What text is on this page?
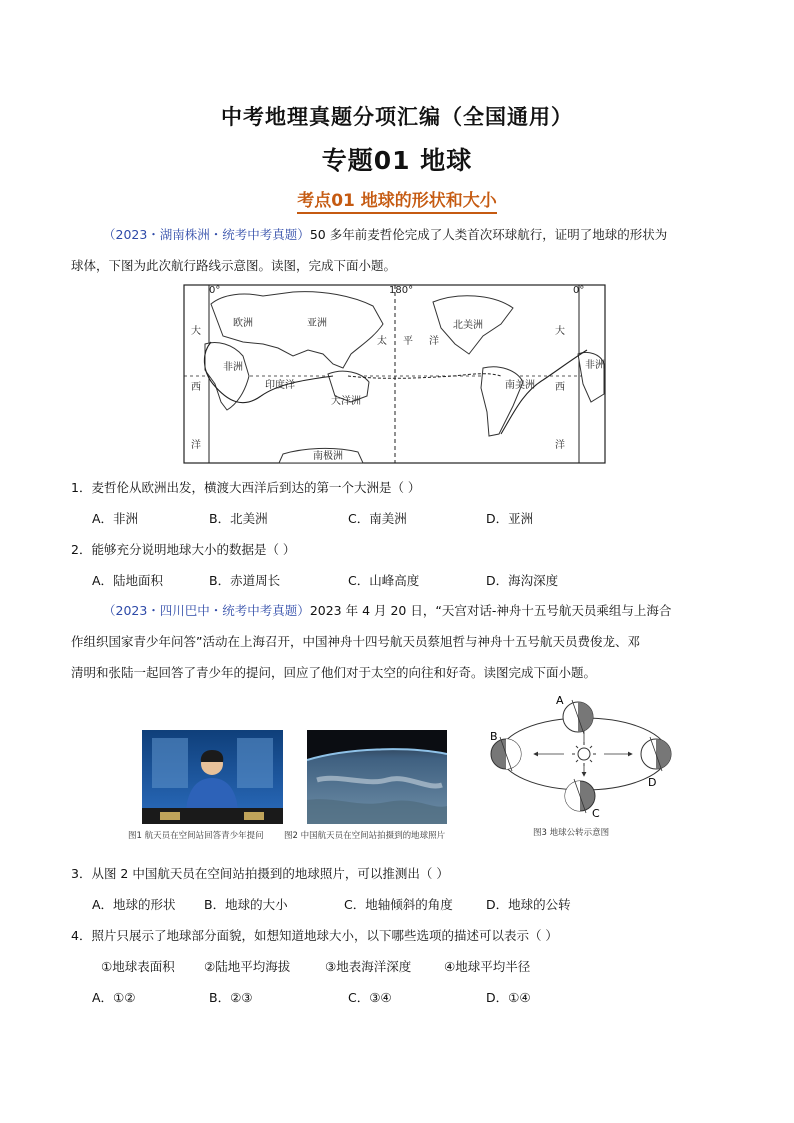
中考地理真题分项汇编（全国通用）
专题01 地球
考点01 地球的形状和大小
（2023・湖南株洲・统考中考真题）50 多年前麦哲伦完成了人类首次环球航行，证明了地球的形状为
球体，下图为此次航行路线示意图。读图，完成下面小题。
0°	180°	0°
欧洲	亚洲
非洲
印度洋
大洋洲
南极洲
太 平 洋
北美洲
南美洲
大
西
洋
大
西
洋
非洲
1．麦哲伦从欧洲出发，横渡大西洋后到达的第一个大洲是（ ）
A．非洲	B．北美洲	C．南美洲	D．亚洲
2．能够充分说明地球大小的数据是（ ）
A．陆地面积	B．赤道周长	C．山峰高度	D．海沟深度
（2023・四川巴中・统考中考真题）2023 年 4 月 20 日，“天宫对话-神舟十五号航天员乘组与上海合
作组织国家青少年问答”活动在上海召开，中国神舟十四号航天员蔡旭哲与神舟十五号航天员费俊龙、邓
清明和张陆一起回答了青少年的提问，回应了他们对于太空的向往和好奇。读图完成下面小题。
图1 航天员在空间站回答青少年提问 图2 中国航天员在空间站拍摄到的地球照片
A
B
C
D
图3 地球公转示意图
3．从图 2 中国航天员在空间站拍摄到的地球照片，可以推测出（ ）
A．地球的形状 B．地球的大小	C．地轴倾斜的角度	D．地球的公转
4．照片只展示了地球部分面貌，如想知道地球大小，以下哪些选项的描述可以表示（ ）
①地球表面积 ②陆地平均海拔	③地表海洋深度	④地球平均半径
A．①②	B．②③	C．③④	D．①④
